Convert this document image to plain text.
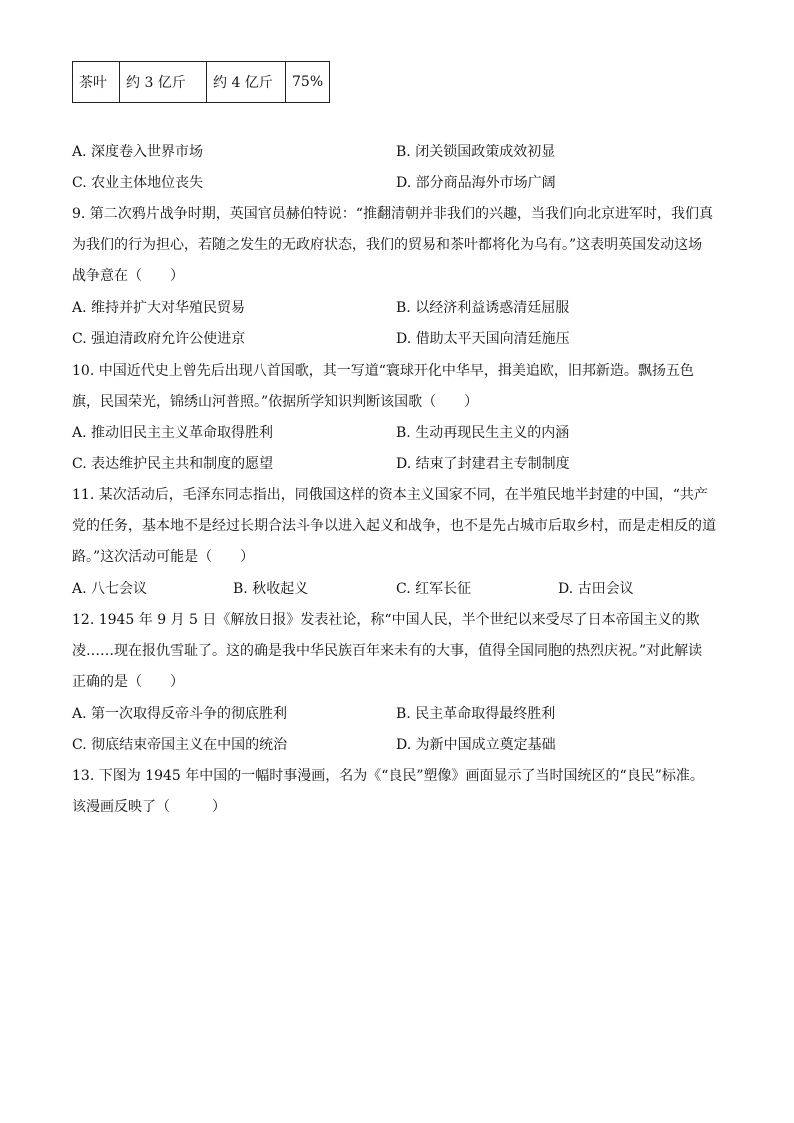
茶叶	约 3 亿斤	约 4 亿斤	75%
A. 深度卷入世界市场	B. 闭关锁国政策成效初显
C. 农业主体地位丧失	D. 部分商品海外市场广阔
9. 第二次鸦片战争时期，英国官员赫伯特说：“推翻清朝并非我们的兴趣，当我们向北京进军时，我们真
为我们的行为担心，若随之发生的无政府状态，我们的贸易和茶叶都将化为乌有。”这表明英国发动这场
战争意在（　　）
A. 维持并扩大对华殖民贸易	B. 以经济利益诱惑清廷屈服
C. 强迫清政府允许公使进京	D. 借助太平天国向清廷施压
10. 中国近代史上曾先后出现八首国歌，其一写道“寰球开化中华早，揖美追欧，旧邦新造。飘扬五色
旗，民国荣光，锦绣山河普照。”依据所学知识判断该国歌（　　）
A. 推动旧民主主义革命取得胜利	B. 生动再现民生主义的内涵
C. 表达维护民主共和制度的愿望	D. 结束了封建君主专制制度
11. 某次活动后，毛泽东同志指出，同俄国这样的资本主义国家不同，在半殖民地半封建的中国，“共产
党的任务，基本地不是经过长期合法斗争以进入起义和战争，也不是先占城市后取乡村，而是走相反的道
路。”这次活动可能是（　　）
A. 八七会议	B. 秋收起义	C. 红军长征	D. 古田会议
12. 1945 年 9 月 5 日《解放日报》发表社论，称“中国人民，半个世纪以来受尽了日本帝国主义的欺
凌……现在报仇雪耻了。这的确是我中华民族百年来未有的大事，值得全国同胞的热烈庆祝。”对此解读
正确的是（　　）
A. 第一次取得反帝斗争的彻底胜利	B. 民主革命取得最终胜利
C. 彻底结束帝国主义在中国的统治	D. 为新中国成立奠定基础
13. 下图为 1945 年中国的一幅时事漫画，名为《“良民”塑像》画面显示了当时国统区的“良民”标准。
该漫画反映了（　　　）
